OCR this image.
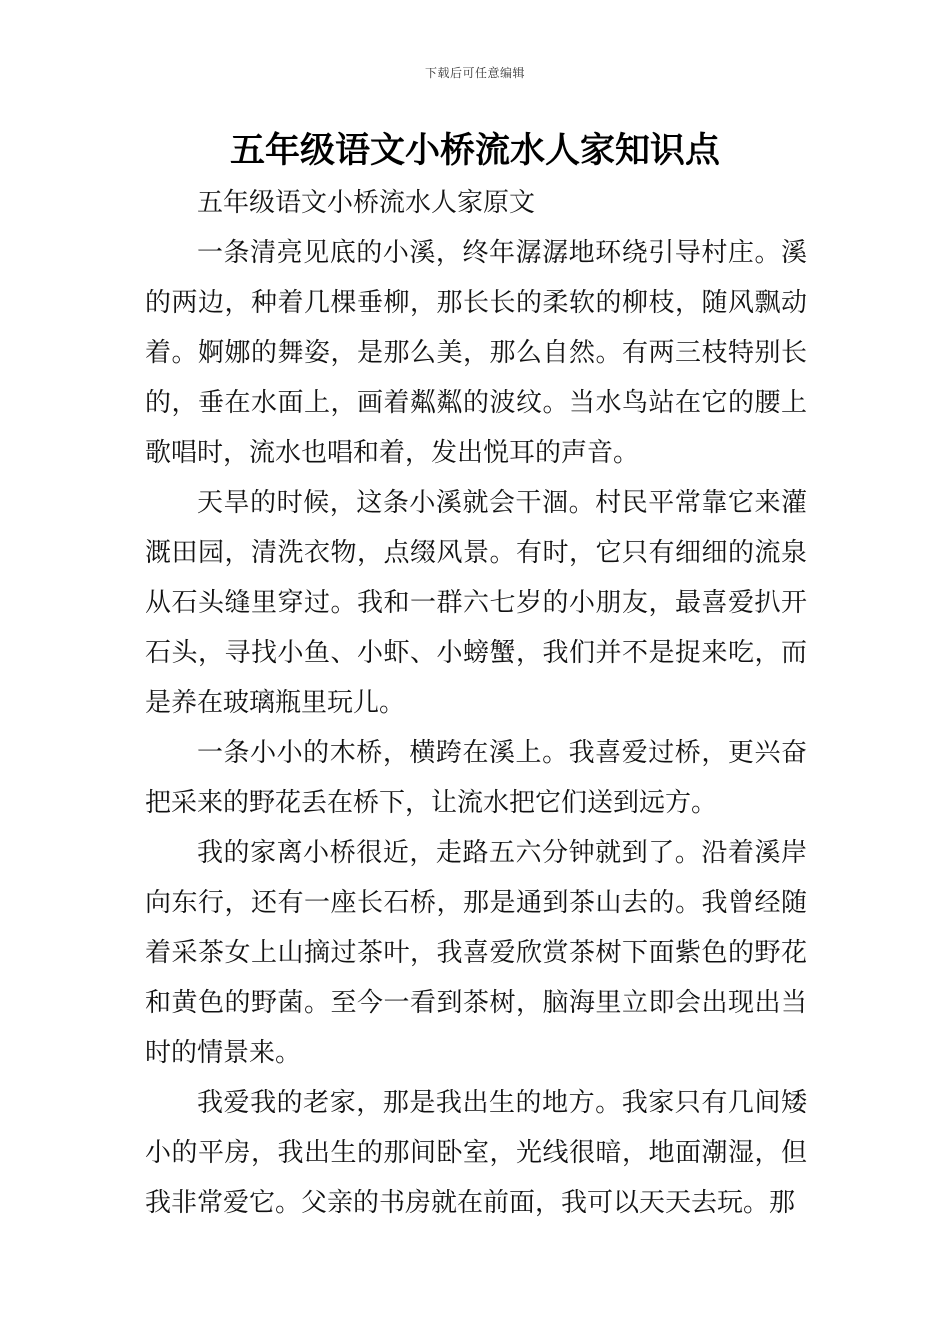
下载后可任意编辑
五年级语文小桥流水人家知识点

五年级语文小桥流水人家原文

一条清亮见底的小溪，终年潺潺地环绕引导村庄。溪的两边，种着几棵垂柳，那长长的柔软的柳枝，随风飘动着。婀娜的舞姿，是那么美，那么自然。有两三枝特别长的，垂在水面上，画着粼粼的波纹。当水鸟站在它的腰上歌唱时，流水也唱和着，发出悦耳的声音。

天旱的时候，这条小溪就会干涸。村民平常靠它来灌溉田园，清洗衣物，点缀风景。有时，它只有细细的流泉从石头缝里穿过。我和一群六七岁的小朋友，最喜爱扒开石头，寻找小鱼、小虾、小螃蟹，我们并不是捉来吃，而是养在玻璃瓶里玩儿。

一条小小的木桥，横跨在溪上。我喜爱过桥，更兴奋把采来的野花丢在桥下，让流水把它们送到远方。

我的家离小桥很近，走路五六分钟就到了。沿着溪岸向东行，还有一座长石桥，那是通到茶山去的。我曾经随着采茶女上山摘过茶叶，我喜爱欣赏茶树下面紫色的野花和黄色的野菌。至今一看到茶树，脑海里立即会出现出当时的情景来。

我爱我的老家，那是我出生的地方。我家只有几间矮小的平房，我出生的那间卧室，光线很暗，地面潮湿，但我非常爱它。父亲的书房就在前面，我可以天天去玩。那
